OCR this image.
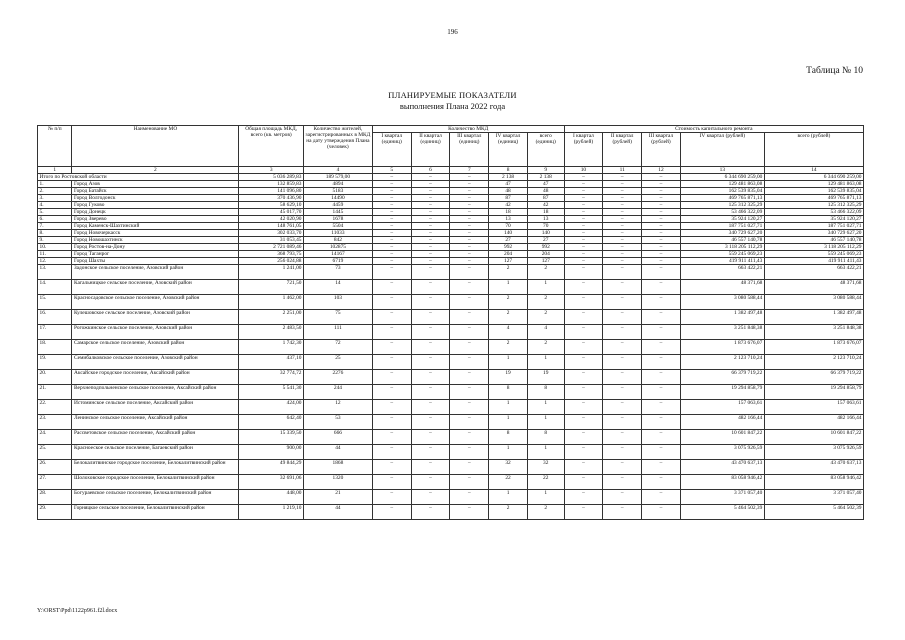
196
Таблица № 10
ПЛАНИРУЕМЫЕ ПОКАЗАТЕЛИ
выполнения Плана 2022 года
№ п/п	Наименование МО	Общая площадь МКД, всего (кв. метров)	Количество жителей, зарегистрированных в МКД на дату утверждения Плана (человек)	Количество МКД					Стоимость капитального ремонта				
				I квартал (единиц)	II квартал (единиц)	III квартал (единиц)	IV квартал (единиц)	всего (единиц)	I квартал (рублей)	II квартал (рублей)	III квартал (рублей)	IV квартал (рублей)	всего (рублей)
1	2	3	4	5	6	7	8	9	10	11	12	13	14
Итого по Ростовской области		5 036 289,83	189 579,00	–	–	–	2 138	2 138	–	–	–	6 344 690 259,00	6 344 690 259,00
1.	Город Азов	132 859,83	4894	–	–	–	47	47	–	–	–	129 481 863,08	129 481 863,08
2.	Город Батайск	141 096,80	5183	–	–	–	48	48	–	–	–	162 539 835,04	162 539 835,04
3.	Город Волгодонск	370 436,90	14490	–	–	–	87	87	–	–	–	469 765 871,13	469 765 871,13
4.	Город Гуково	58 629,10	4459	–	–	–	42	42	–	–	–	125 312 325,29	125 312 325,29
5.	Город Донецк	45 017,70	1445	–	–	–	18	18	–	–	–	53 466 322,09	53 466 322,09
6.	Город Зверево	42 020,90	1678	–	–	–	13	13	–	–	–	35 924 120,27	35 924 120,27
7.	Город Каменск-Шахтинский	148 761,05	5504	–	–	–	70	70	–	–	–	187 751 027,71	187 751 027,71
8.	Город Новочеркасск	302 033,70	11033	–	–	–	140	140	–	–	–	340 729 627,20	340 729 627,20
9.	Город Новошахтинск	31 053,45	842	–	–	–	27	27	–	–	–	46 557 140,78	46 557 140,78
10.	Город Ростов-на-Дону	2 721 089,46	102875	–	–	–	992	992	–	–	–	3 118 205 112,29	3 118 205 112,29
11.	Город Таганрог	368 793,75	14167	–	–	–	204	204	–	–	–	559 245 069,23	559 245 069,23
12.	Город Шахты	256 024,88	6719	–	–	–	127	127	–	–	–	419 911 411,43	419 911 411,43
13.	Задонское сельское поселение, Азовский район	1 241,00	73	–	–	–	2	2	–	–	–	663 422,21	663 422,21
14.	Кагальницкое сельское поселение, Азовский район	721,50	14	–	–	–	1	1	–	–	–	48 371,68	48 371,68
15.	Красносадовское сельское поселение, Азовский район	1 462,00	103	–	–	–	2	2	–	–	–	3 080 588,44	3 080 588,44
16.	Кулешовское сельское поселение, Азовский район	2 251,00	75	–	–	–	2	2	–	–	–	1 382 497,48	1 382 497,48
17.	Рогожкинское сельское поселение, Азовский район	2 483,50	111	–	–	–	4	4	–	–	–	3 251 848,38	3 251 848,38
18.	Самарское сельское поселение, Азовский район	1 742,30	72	–	–	–	2	2	–	–	–	1 873 676,07	1 873 676,07
19.	Семибалковское сельское поселение, Азовский район	437,10	25	–	–	–	1	1	–	–	–	2 123 710,24	2 123 710,24
20.	Аксайское городское поселение, Аксайский район	32 774,72	2276	–	–	–	19	19	–	–	–	66 379 719,22	66 379 719,22
21.	Верхнеподпольненское сельское поселение, Аксайский район	5 541,30	244	–	–	–	8	8	–	–	–	19 294 858,79	19 294 858,79
22.	Истоминское сельское поселение, Аксайский район	424,00	12	–	–	–	1	1	–	–	–	157 063,61	157 063,61
23.	Ленинское сельское поселение, Аксайский район	642,40	53	–	–	–	1	1	–	–	–	482 166,44	482 166,44
24.	Рассветовское сельское поселение, Аксайский район	15 339,50	666	–	–	–	8	8	–	–	–	10 601 847,22	10 601 847,22
25.	Красноеское сельское поселение, Багаевский район	900,00	44	–	–	–	1	1	–	–	–	3 075 926,59	3 075 926,59
26.	Белокалитвинское городское поселение, Белокалитвинский район	49 844,29	1868	–	–	–	32	32	–	–	–	43 470 637,13	43 470 637,13
27.	Шолоховское городское поселение, Белокалитвинский район	32 691,06	1320	–	–	–	22	22	–	–	–	83 058 946,42	83 058 946,42
28.	Богураевское сельское поселение, Белокалитвинский район	448,00	21	–	–	–	1	1	–	–	–	3 371 057,40	3 371 057,40
29.	Горняцкое сельское поселение, Белокалитвинский район	1 219,10	44	–	–	–	2	2	–	–	–	5 464 502,39	5 464 502,39
Y:\ORST\Ppd\1122p961.f2l.docx
